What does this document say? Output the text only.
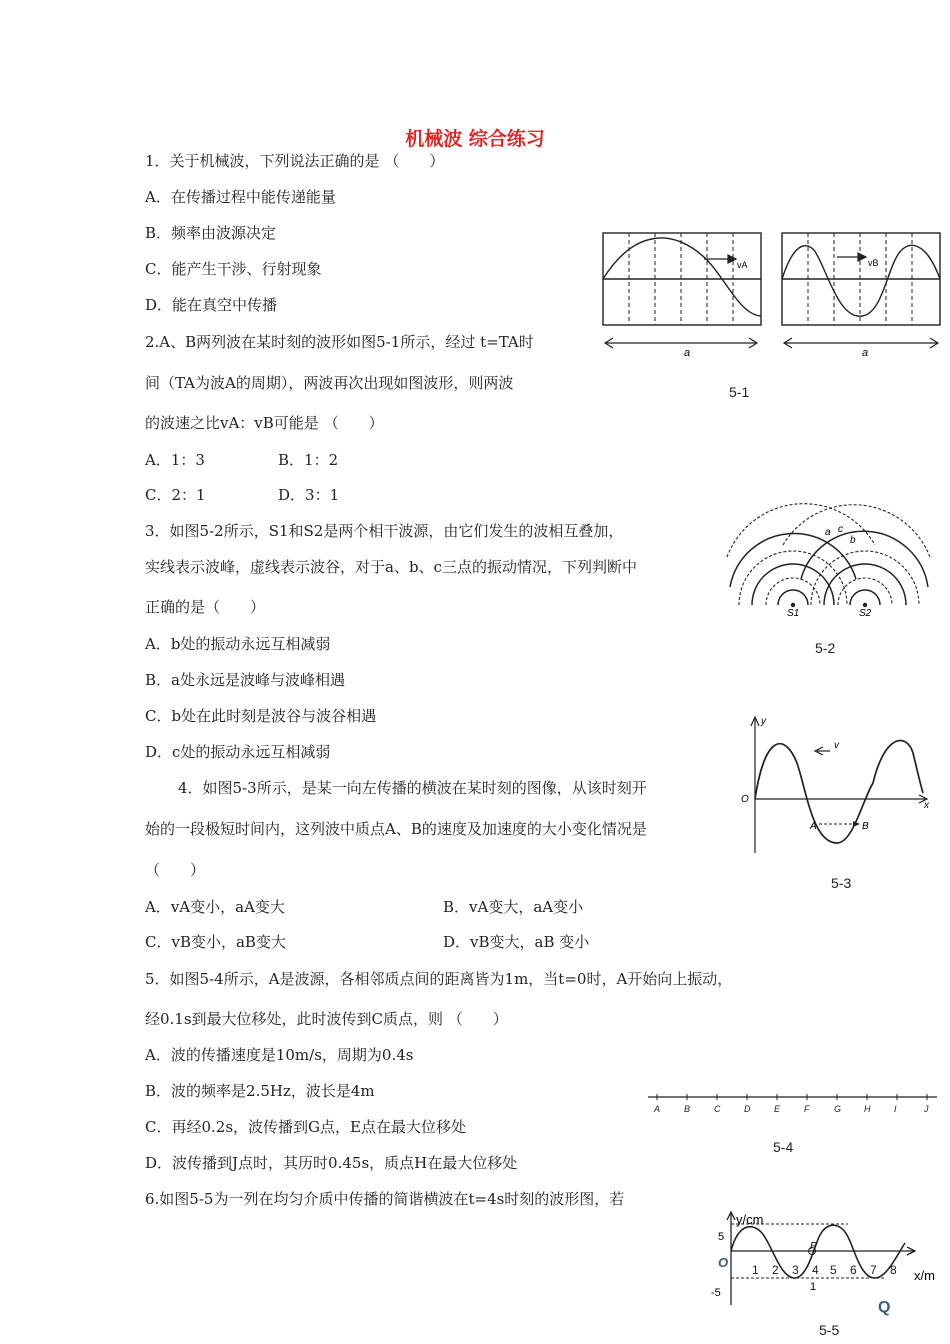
机械波 综合练习
1．关于机械波，下列说法正确的是 （　　）
A．在传播过程中能传递能量
B．频率由波源决定
C．能产生干涉、行射现象
D．能在真空中传播
2.A、B两列波在某时刻的波形如图5-1所示，经过 t=TA时
间（TA为波A的周期），两波再次出现如图波形，则两波
的波速之比vA：vB可能是 （　　）
A．1：3	B．1：2
C．2：1	D．3：1
3．如图5-2所示，S1和S2是两个相干波源，由它们发生的波相互叠加，
实线表示波峰，虚线表示波谷，对于a、b、c三点的振动情况，下列判断中
正确的是（　　）
A．b处的振动永远互相减弱
B．a处永远是波峰与波峰相遇
C．b处在此时刻是波谷与波谷相遇
D．c处的振动永远互相减弱
4．如图5-3所示，是某一向左传播的横波在某时刻的图像，从该时刻开
始的一段极短时间内，这列波中质点A、B的速度及加速度的大小变化情况是
（　　）
A．vA变小，aA变大	B．vA变大，aA变小
C．vB变小，aB变大	D．vB变大，aB 变小
5．如图5-4所示，A是波源，各相邻质点间的距离皆为1m，当t=0时，A开始向上振动，
经0.1s到最大位移处，此时波传到C质点，则 （　　）
A．波的传播速度是10m/s，周期为0.4s
B．波的频率是2.5Hz，波长是4m
C．再经0.2s，波传播到G点，E点在最大位移处
D．波传播到J点时，其历时0.45s，质点H在最大位移处
6.如图5-5为一列在均匀介质中传播的简谐横波在t=4s时刻的波形图，若
vA	vB
a	a
5-1
a c
b
S1	S2
5-2
y
x
O
v
A	B
5-3
A	B	C	D	E	F	G	H	I	J
5-4
y/cm
x/m
5
-5
O
P
1
1 2 3 4 5 6 7 8
Q
5-5
